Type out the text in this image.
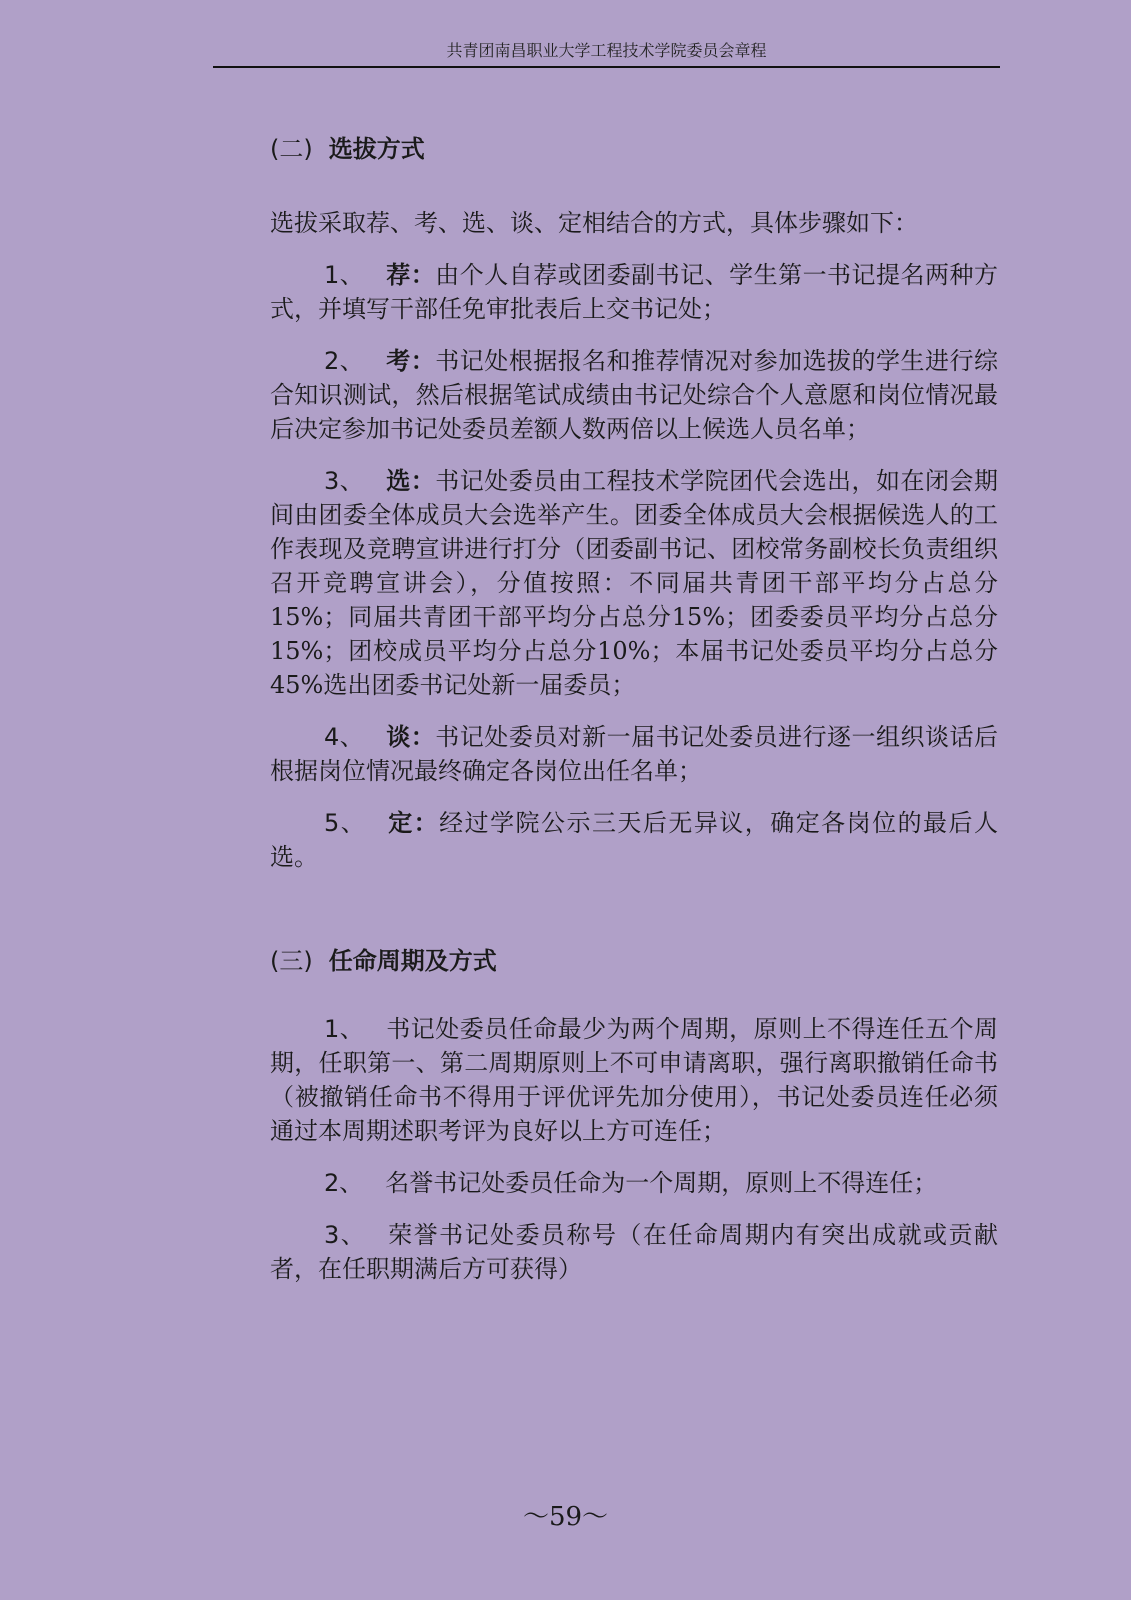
共青团南昌职业大学工程技术学院委员会章程
(二) 选拔方式

选拔采取荐、考、选、谈、定相结合的方式，具体步骤如下：

1、 荐：由个人自荐或团委副书记、学生第一书记提名两种方式，并填写干部任免审批表后上交书记处；

2、 考：书记处根据报名和推荐情况对参加选拔的学生进行综合知识测试，然后根据笔试成绩由书记处综合个人意愿和岗位情况最后决定参加书记处委员差额人数两倍以上候选人员名单；

3、 选：书记处委员由工程技术学院团代会选出，如在闭会期间由团委全体成员大会选举产生。团委全体成员大会根据候选人的工作表现及竞聘宣讲进行打分（团委副书记、团校常务副校长负责组织召开竞聘宣讲会），分值按照：不同届共青团干部平均分占总分15%；同届共青团干部平均分占总分15%；团委委员平均分占总分15%；团校成员平均分占总分10%；本届书记处委员平均分占总分45%选出团委书记处新一届委员；

4、 谈：书记处委员对新一届书记处委员进行逐一组织谈话后根据岗位情况最终确定各岗位出任名单；

5、 定：经过学院公示三天后无异议，确定各岗位的最后人选。

(三) 任命周期及方式

1、 书记处委员任命最少为两个周期，原则上不得连任五个周期，任职第一、第二周期原则上不可申请离职，强行离职撤销任命书（被撤销任命书不得用于评优评先加分使用），书记处委员连任必须通过本周期述职考评为良好以上方可连任；

2、 名誉书记处委员任命为一个周期，原则上不得连任；

3、 荣誉书记处委员称号（在任命周期内有突出成就或贡献者，在任职期满后方可获得）

～59～
